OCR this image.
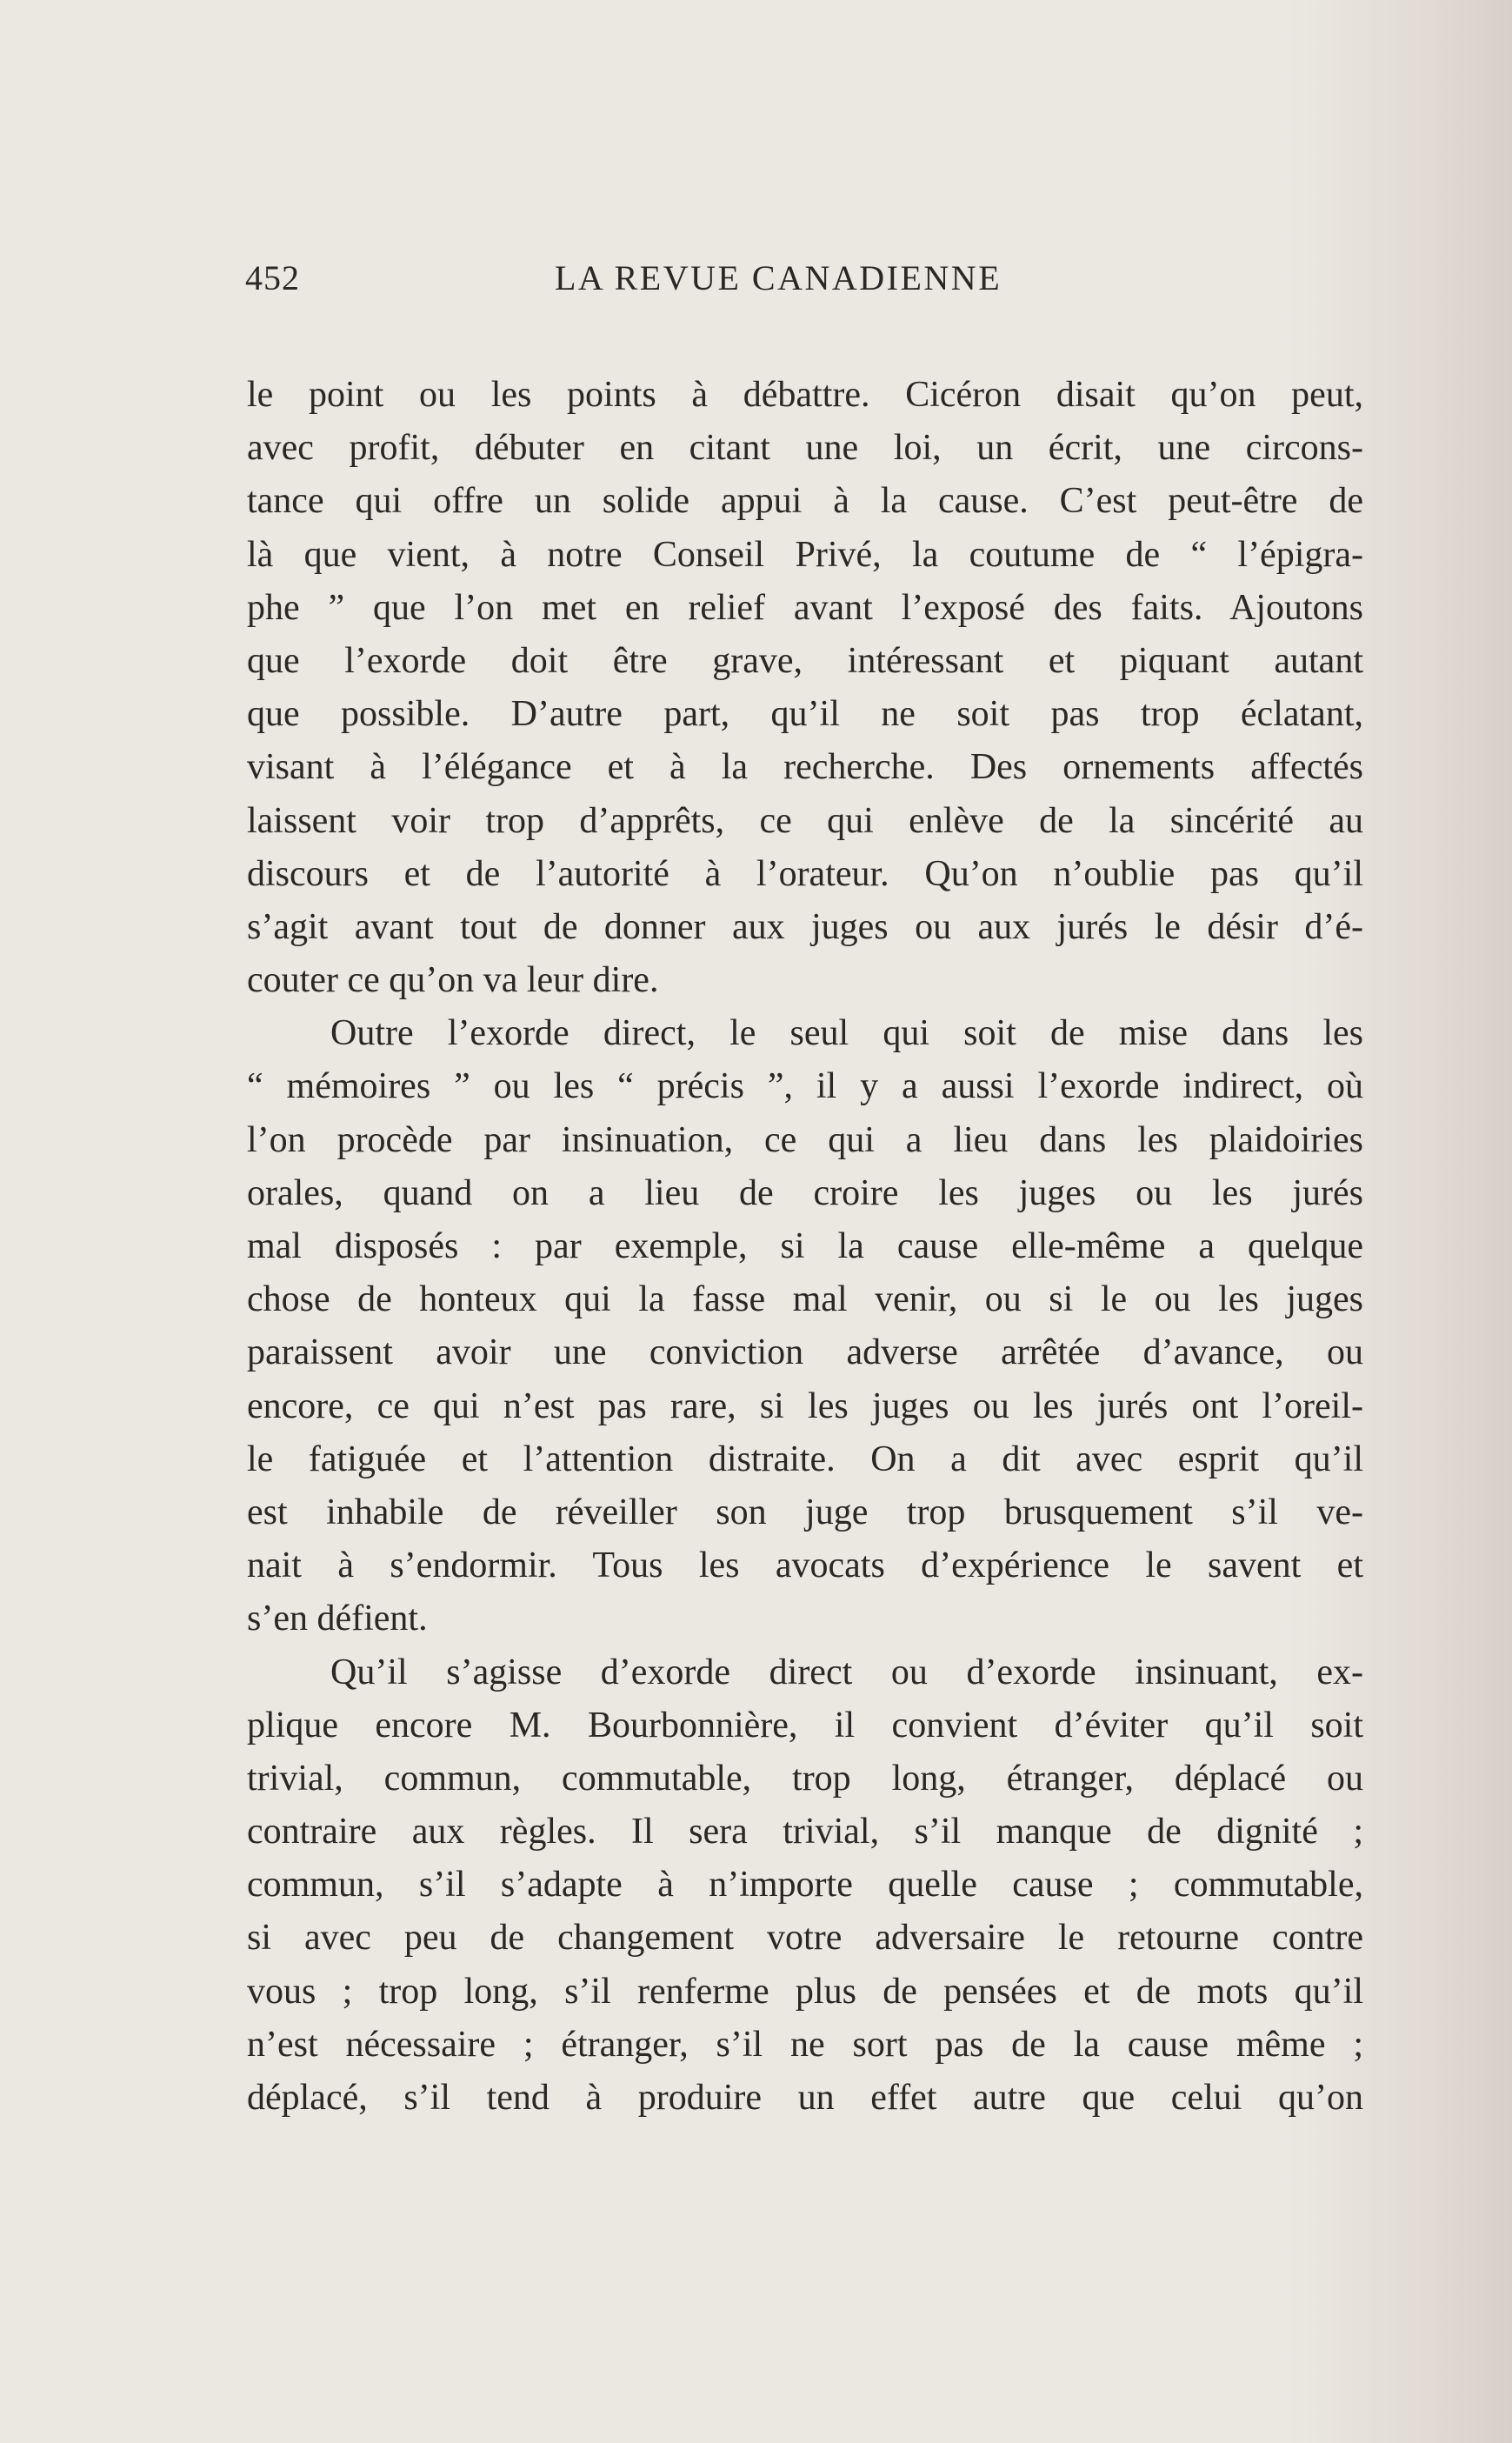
452	LA REVUE CANADIENNE
le point ou les points à débattre. Cicéron disait qu’on peut,
avec profit, débuter en citant une loi, un écrit, une circons-
tance qui offre un solide appui à la cause. C’est peut-être de
là que vient, à notre Conseil Privé, la coutume de “ l’épigra-
phe ” que l’on met en relief avant l’exposé des faits. Ajoutons
que l’exorde doit être grave, intéressant et piquant autant
que possible. D’autre part, qu’il ne soit pas trop éclatant,
visant à l’élégance et à la recherche. Des ornements affectés
laissent voir trop d’apprêts, ce qui enlève de la sincérité au
discours et de l’autorité à l’orateur. Qu’on n’oublie pas qu’il
s’agit avant tout de donner aux juges ou aux jurés le désir d’é-
couter ce qu’on va leur dire.
Outre l’exorde direct, le seul qui soit de mise dans les
“ mémoires ” ou les “ précis ”, il y a aussi l’exorde indirect, où
l’on procède par insinuation, ce qui a lieu dans les plaidoiries
orales, quand on a lieu de croire les juges ou les jurés
mal disposés : par exemple, si la cause elle-même a quelque
chose de honteux qui la fasse mal venir, ou si le ou les juges
paraissent avoir une conviction adverse arrêtée d’avance, ou
encore, ce qui n’est pas rare, si les juges ou les jurés ont l’oreil-
le fatiguée et l’attention distraite. On a dit avec esprit qu’il
est inhabile de réveiller son juge trop brusquement s’il ve-
nait à s’endormir. Tous les avocats d’expérience le savent et
s’en défient.
Qu’il s’agisse d’exorde direct ou d’exorde insinuant, ex-
plique encore M. Bourbonnière, il convient d’éviter qu’il soit
trivial, commun, commutable, trop long, étranger, déplacé ou
contraire aux règles. Il sera trivial, s’il manque de dignité ;
commun, s’il s’adapte à n’importe quelle cause ; commutable,
si avec peu de changement votre adversaire le retourne contre
vous ; trop long, s’il renferme plus de pensées et de mots qu’il
n’est nécessaire ; étranger, s’il ne sort pas de la cause même ;
déplacé, s’il tend à produire un effet autre que celui qu’on
